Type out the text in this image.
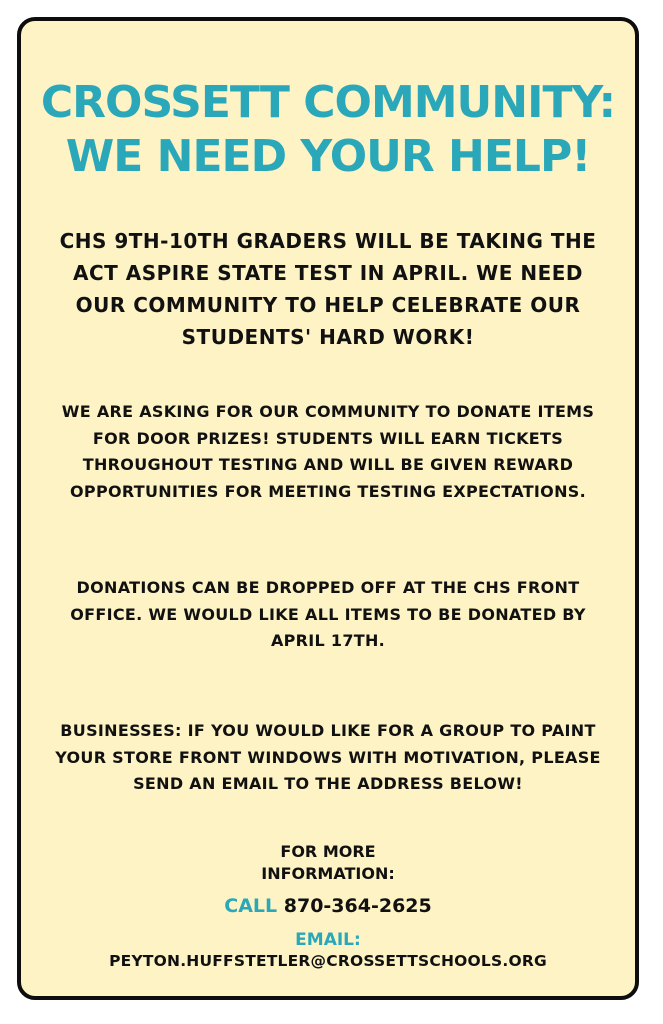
CROSSETT COMMUNITY:
WE NEED YOUR HELP!

CHS 9TH-10TH GRADERS WILL BE TAKING THE ACT ASPIRE STATE TEST IN APRIL. WE NEED OUR COMMUNITY TO HELP CELEBRATE OUR STUDENTS' HARD WORK!

WE ARE ASKING FOR OUR COMMUNITY TO DONATE ITEMS FOR DOOR PRIZES! STUDENTS WILL EARN TICKETS THROUGHOUT TESTING AND WILL BE GIVEN REWARD OPPORTUNITIES FOR MEETING TESTING EXPECTATIONS.

DONATIONS CAN BE DROPPED OFF AT THE CHS FRONT OFFICE. WE WOULD LIKE ALL ITEMS TO BE DONATED BY APRIL 17TH.

BUSINESSES: IF YOU WOULD LIKE FOR A GROUP TO PAINT YOUR STORE FRONT WINDOWS WITH MOTIVATION, PLEASE SEND AN EMAIL TO THE ADDRESS BELOW!

FOR MORE
INFORMATION:
CALL 870-364-2625
EMAIL:
PEYTON.HUFFSTETLER@CROSSETTSCHOOLS.ORG
